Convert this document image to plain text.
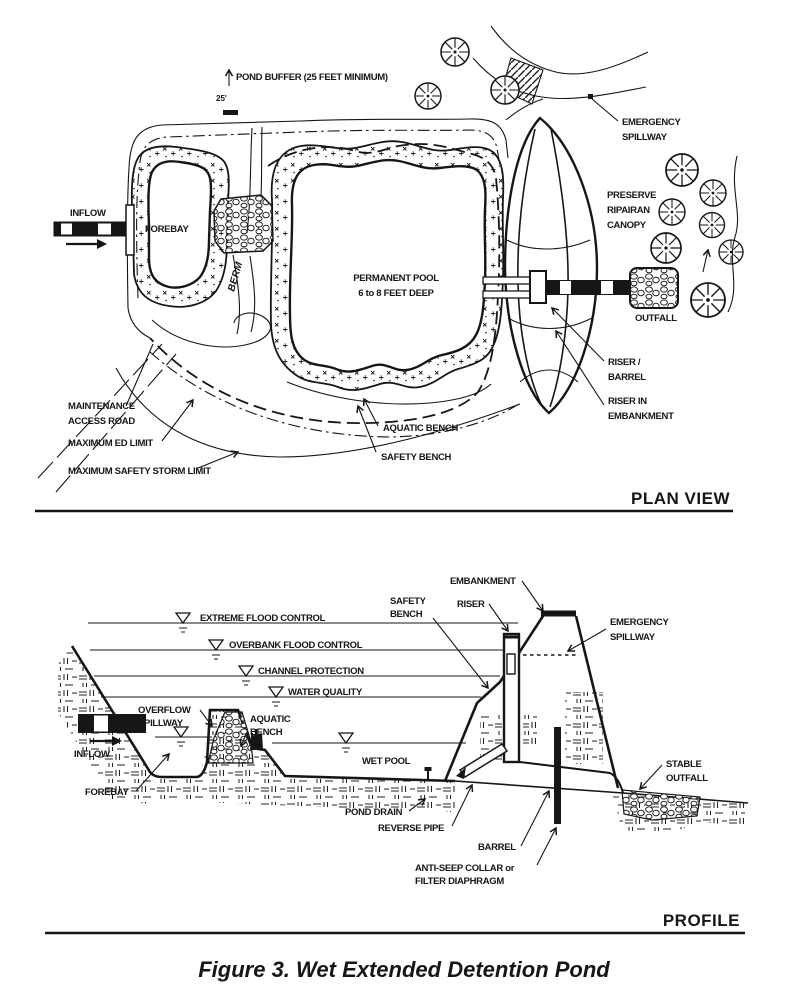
POND BUFFER (25 FEET MINIMUM)
25'
INFLOW
FOREBAY
BERM	PERMANENT POOL
6 to 8 FEET DEEP
EMERGENCY
SPILLWAY
PRESERVE
RIPAIRAN
CANOPY
OUTFALL
RISER /
BARREL
RISER IN
EMBANKMENT
MAINTENANCE
ACCESS ROAD
MAXIMUM ED LIMIT
MAXIMUM SAFETY STORM LIMIT
AQUATIC BENCH
SAFETY BENCH
PLAN VIEW
EXTREME FLOOD CONTROL
OVERBANK FLOOD CONTROL
CHANNEL PROTECTION
WATER QUALITY
OVERFLOW
SPILLWAY	AQUATIC
BENCH
INFLOW
FOREBAY
WET POOL
POND DRAIN
REVERSE PIPE
SAFETY
BENCH
RISER
EMBANKMENT
EMERGENCY
SPILLWAY
STABLE
OUTFALL
BARREL
ANTI-SEEP COLLAR or
FILTER DIAPHRAGM
PROFILE
Figure 3. Wet Extended Detention Pond
